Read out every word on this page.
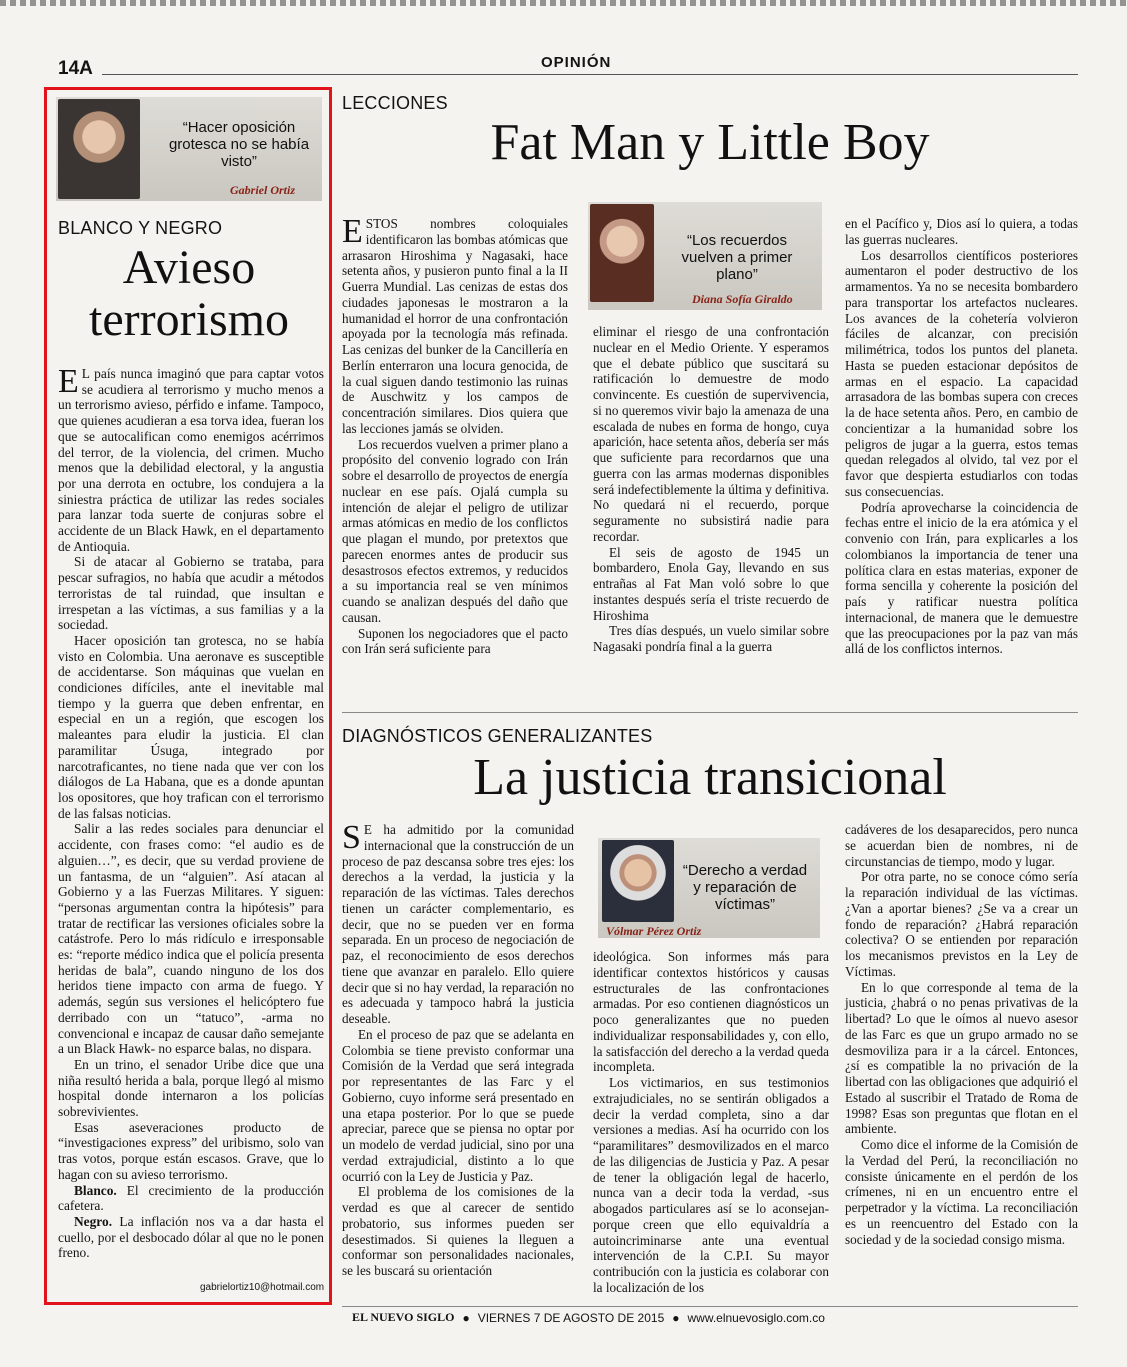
14A	OPINIÓN
“Hacer oposición grotesca no se había visto”
Gabriel Ortiz
BLANCO Y NEGRO
Avieso terrorismo
E L país nunca imaginó que para captar votos se acudiera al terrorismo y mucho menos a un terrorismo avieso, pérfido e infame. Tampoco, que quienes acudieran a esa torva idea, fueran los que se autocalifican como enemigos acérrimos del terror, de la violencia, del crimen. Mucho menos que la debilidad electoral, y la angustia por una derrota en octubre, los condujera a la siniestra práctica de utilizar las redes sociales para lanzar toda suerte de conjuras sobre el accidente de un Black Hawk, en el departamento de Antioquia.

Si de atacar al Gobierno se trataba, para pescar sufragios, no había que acudir a métodos terroristas de tal ruindad, que insultan e irrespetan a las víctimas, a sus familias y a la sociedad.

Hacer oposición tan grotesca, no se había visto en Colombia. Una aeronave es susceptible de accidentarse. Son máquinas que vuelan en condiciones difíciles, ante el inevitable mal tiempo y la guerra que deben enfrentar, en especial en un a región, que escogen los maleantes para eludir la justicia. El clan paramilitar Úsuga, integrado por narcotraficantes, no tiene nada que ver con los diálogos de La Habana, que es a donde apuntan los opositores, que hoy trafican con el terrorismo de las falsas noticias.

Salir a las redes sociales para denunciar el accidente, con frases como: “el audio es de alguien…”, es decir, que su verdad proviene de un fantasma, de un “alguien”. Así atacan al Gobierno y a las Fuerzas Militares. Y siguen: “personas argumentan contra la hipótesis” para tratar de rectificar las versiones oficiales sobre la catástrofe. Pero lo más ridículo e irresponsable es: “reporte médico indica que el policía presenta heridas de bala”, cuando ninguno de los dos heridos tiene impacto con arma de fuego. Y además, según sus versiones el helicóptero fue derribado con un “tatuco”, -arma no convencional e incapaz de causar daño semejante a un Black Hawk- no esparce balas, no dispara.

En un trino, el senador Uribe dice que una niña resultó herida a bala, porque llegó al mismo hospital donde internaron a los policías sobrevivientes.

Esas aseveraciones producto de “investigaciones express” del uribismo, solo van tras votos, porque están escasos. Grave, que lo hagan con su avieso terrorismo.

Blanco. El crecimiento de la producción cafetera.

Negro. La inflación nos va a dar hasta el cuello, por el desbocado dólar al que no le ponen freno.

gabrielortiz10@hotmail.com
LECCIONES
Fat Man y Little Boy
E STOS nombres coloquiales identificaron las bombas atómicas que arrasaron Hiroshima y Nagasaki, hace setenta años, y pusieron punto final a la II Guerra Mundial. Las cenizas de estas dos ciudades japonesas le mostraron a la humanidad el horror de una confrontación apoyada por la tecnología más refinada. Las cenizas del bunker de la Cancillería en Berlín enterraron una locura genocida, de la cual siguen dando testimonio las ruinas de Auschwitz y los campos de concentración similares. Dios quiera que las lecciones jamás se olviden.

Los recuerdos vuelven a primer plano a propósito del convenio logrado con Irán sobre el desarrollo de proyectos de energía nuclear en ese país. Ojalá cumpla su intención de alejar el peligro de utilizar armas atómicas en medio de los conflictos que plagan el mundo, por pretextos que parecen enormes antes de producir sus desastrosos efectos extremos, y reducidos a su importancia real se ven mínimos cuando se analizan después del daño que causan.

Suponen los negociadores que el pacto con Irán será suficiente para

“Los recuerdos vuelven a primer plano”
Diana Sofía Giraldo

eliminar el riesgo de una confrontación nuclear en el Medio Oriente. Y esperamos que el debate público que suscitará su ratificación lo demuestre de modo convincente. Es cuestión de supervivencia, si no queremos vivir bajo la amenaza de una escalada de nubes en forma de hongo, cuya aparición, hace setenta años, debería ser más que suficiente para recordarnos que una guerra con las armas modernas disponibles será indefectiblemente la última y definitiva. No quedará ni el recuerdo, porque seguramente no subsistirá nadie para recordar.

El seis de agosto de 1945 un bombardero, Enola Gay, llevando en sus entrañas al Fat Man voló sobre lo que instantes después sería el triste recuerdo de Hiroshima

Tres días después, un vuelo similar sobre Nagasaki pondría final a la guerra

en el Pacífico y, Dios así lo quiera, a todas las guerras nucleares.

Los desarrollos científicos posteriores aumentaron el poder destructivo de los armamentos. Ya no se necesita bombardero para transportar los artefactos nucleares. Los avances de la cohetería volvieron fáciles de alcanzar, con precisión milimétrica, todos los puntos del planeta. Hasta se pueden estacionar depósitos de armas en el espacio. La capacidad arrasadora de las bombas supera con creces la de hace setenta años. Pero, en cambio de concientizar a la humanidad sobre los peligros de jugar a la guerra, estos temas quedan relegados al olvido, tal vez por el favor que despierta estudiarlos con todas sus consecuencias.

Podría aprovecharse la coincidencia de fechas entre el inicio de la era atómica y el convenio con Irán, para explicarles a los colombianos la importancia de tener una política clara en estas materias, exponer de forma sencilla y coherente la posición del país y ratificar nuestra política internacional, de manera que le demuestre que las preocupaciones por la paz van más allá de los conflictos internos.

DIAGNÓSTICOS GENERALIZANTES
La justicia transicional
S E ha admitido por la comunidad internacional que la construcción de un proceso de paz descansa sobre tres ejes: los derechos a la verdad, la justicia y la reparación de las víctimas. Tales derechos tienen un carácter complementario, es decir, que no se pueden ver en forma separada. En un proceso de negociación de paz, el reconocimiento de esos derechos tiene que avanzar en paralelo. Ello quiere decir que si no hay verdad, la reparación no es adecuada y tampoco habrá la justicia deseable.

En el proceso de paz que se adelanta en Colombia se tiene previsto conformar una Comisión de la Verdad que será integrada por representantes de las Farc y el Gobierno, cuyo informe será presentado en una etapa posterior. Por lo que se puede apreciar, parece que se piensa no optar por un modelo de verdad judicial, sino por una verdad extrajudicial, distinto a lo que ocurrió con la Ley de Justicia y Paz.

El problema de los comisiones de la verdad es que al carecer de sentido probatorio, sus informes pueden ser desestimados. Si quienes la lleguen a conformar son personalidades nacionales, se les buscará su orientación

“Derecho a verdad y reparación de víctimas”
Vólmar Pérez Ortiz

ideológica. Son informes más para identificar contextos históricos y causas estructurales de las confrontaciones armadas. Por eso contienen diagnósticos un poco generalizantes que no pueden individualizar responsabilidades y, con ello, la satisfacción del derecho a la verdad queda incompleta.

Los victimarios, en sus testimonios extrajudiciales, no se sentirán obligados a decir la verdad completa, sino a dar versiones a medias. Así ha ocurrido con los “paramilitares” desmovilizados en el marco de las diligencias de Justicia y Paz. A pesar de tener la obligación legal de hacerlo, nunca van a decir toda la verdad, -sus abogados particulares así se lo aconsejan- porque creen que ello equivaldría a autoincriminarse ante una eventual intervención de la C.P.I. Su mayor contribución con la justicia es colaborar con la localización de los

cadáveres de los desaparecidos, pero nunca se acuerdan bien de nombres, ni de circunstancias de tiempo, modo y lugar.

Por otra parte, no se conoce cómo sería la reparación individual de las víctimas. ¿Van a aportar bienes? ¿Se va a crear un fondo de reparación? ¿Habrá reparación colectiva? O se entienden por reparación los mecanismos previstos en la Ley de Víctimas.

En lo que corresponde al tema de la justicia, ¿habrá o no penas privativas de la libertad? Lo que le oímos al nuevo asesor de las Farc es que un grupo armado no se desmoviliza para ir a la cárcel. Entonces, ¿sí es compatible la no privación de la libertad con las obligaciones que adquirió el Estado al suscribir el Tratado de Roma de 1998? Esas son preguntas que flotan en el ambiente.

Como dice el informe de la Comisión de la Verdad del Perú, la reconciliación no consiste únicamente en el perdón de los crímenes, ni en un encuentro entre el perpetrador y la víctima. La reconciliación es un reencuentro del Estado con la sociedad y de la sociedad consigo misma.

EL NUEVO SIGLO ● VIERNES 7 DE AGOSTO DE 2015 ● www.elnuevosiglo.com.co
